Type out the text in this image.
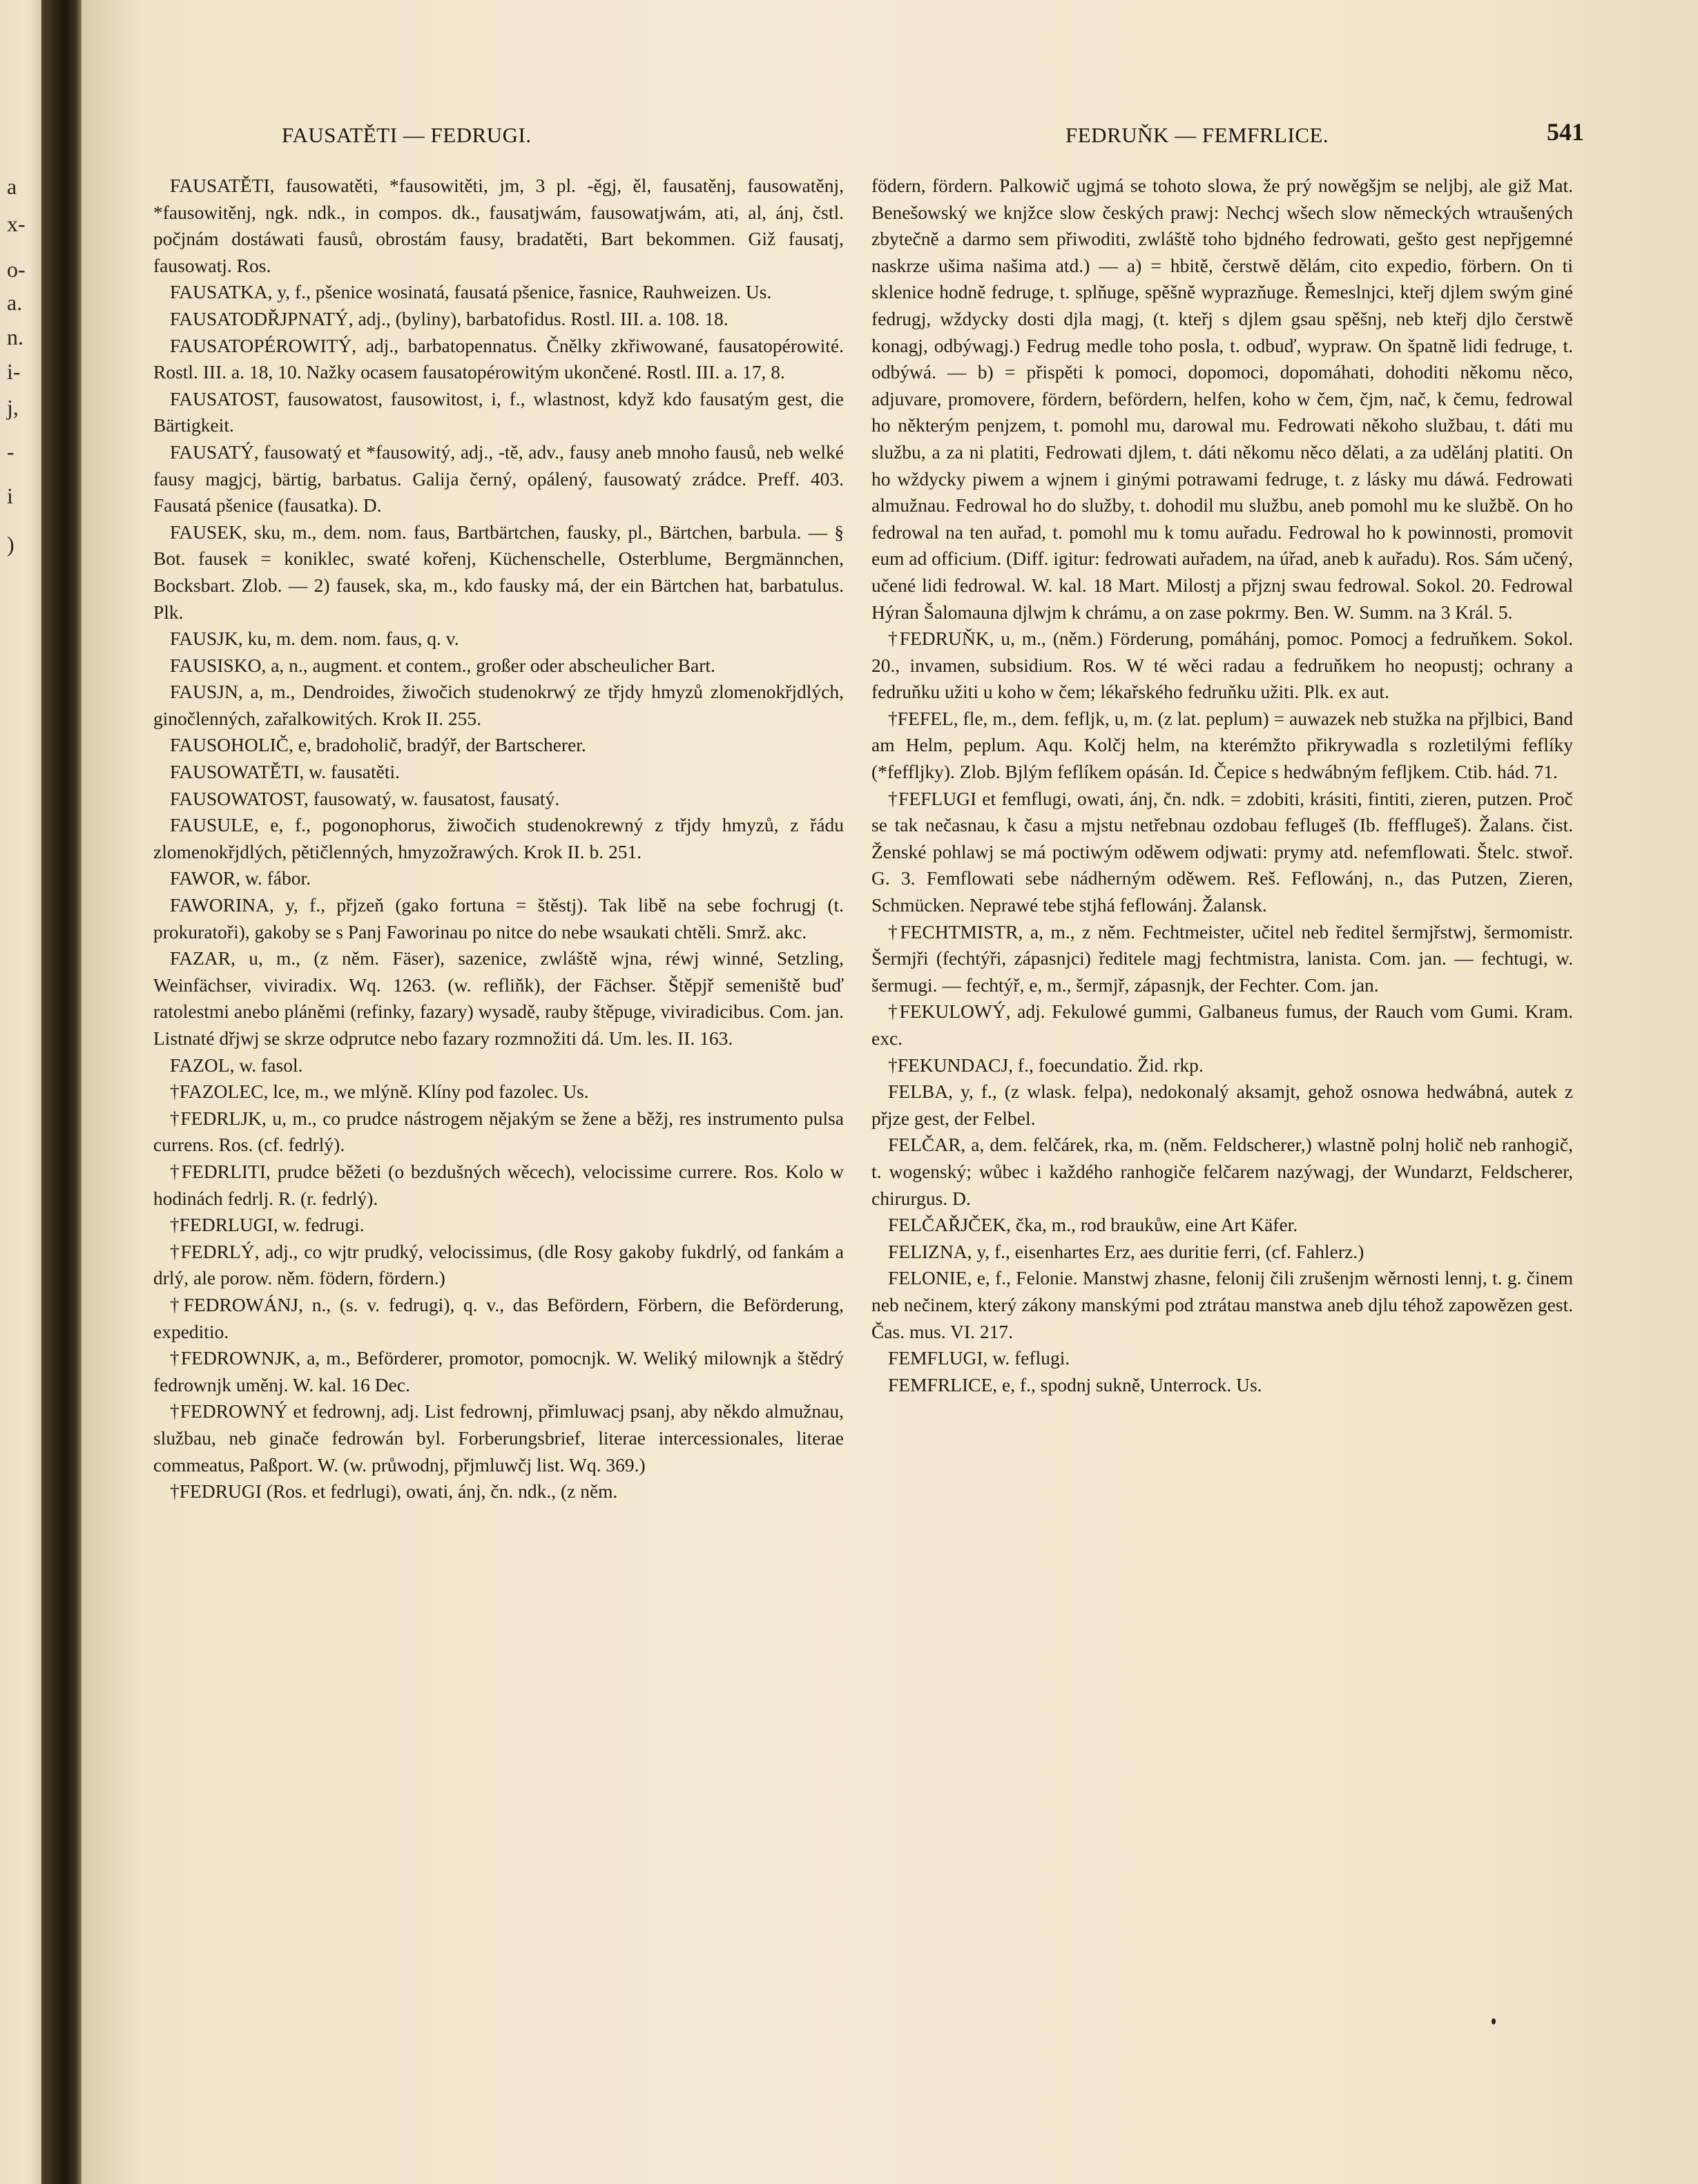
a
x-
o-
a.
n.
i-
j,
-
i
)
FAUSATĚTI — FEDRUGI.	FEDRUŇK — FEMFRLICE.	541

FAUSATĚTI, fausowatěti, *fausowitěti, jm, 3 pl. -ěgj, ěl, fausatěnj, fausowatěnj, *fausowitěnj, ngk. ndk., in compos. dk., fausatjwám, fausowatjwám, ati, al, ánj, čstl. počjnám dostáwati fausů, obrostám fausy, bradatěti, Bart bekommen. Giž fausatj, fausowatj. Ros.

FAUSATKA, y, f., pšenice wosinatá, fausatá pšenice, řasnice, Rauhweizen. Us.

FAUSATODŘJPNATÝ, adj., (byliny), barbatofidus. Rostl. III. a. 108. 18.

FAUSATOPÉROWITÝ, adj., barbatopennatus. Čnělky zkřiwowané, fausatopérowité. Rostl. III. a. 18, 10. Nažky ocasem fausatopérowitým ukončené. Rostl. III. a. 17, 8.

FAUSATOST, fausowatost, fausowitost, i, f., wlastnost, když kdo fausatým gest, die Bärtigkeit.

FAUSATÝ, fausowatý et *fausowitý, adj., -tě, adv., fausy aneb mnoho fausů, neb welké fausy magjcj, bärtig, barbatus. Galija černý, opálený, fausowatý zrádce. Preff. 403. Fausatá pšenice (fausatka). D.

FAUSEK, sku, m., dem. nom. faus, Bartbärtchen, fausky, pl., Bärtchen, barbula. — § Bot. fausek = koniklec, swaté kořenj, Küchenschelle, Osterblume, Bergmännchen, Bocksbart. Zlob. — 2) fausek, ska, m., kdo fausky má, der ein Bärtchen hat, barbatulus. Plk.

FAUSJK, ku, m. dem. nom. faus, q. v.

FAUSISKO, a, n., augment. et contem., großer oder abscheulicher Bart.

FAUSJN, a, m., Dendroides, žiwočich studenokrwý ze třjdy hmyzů zlomenokřjdlých, ginočlenných, zařalkowitých. Krok II. 255.

FAUSOHOLIČ, e, bradoholič, bradýř, der Bartscherer.

FAUSOWATĚTI, w. fausatěti.

FAUSOWATOST, fausowatý, w. fausatost, fausatý.

FAUSULE, e, f., pogonophorus, žiwočich studenokrewný z třjdy hmyzů, z řádu zlomenokřjdlých, pětičlenných, hmyzožrawých. Krok II. b. 251.

FAWOR, w. fábor.

FAWORINA, y, f., přjzeň (gako fortuna = štěstj). Tak libě na sebe fochrugj (t. prokuratoři), gakoby se s Panj Faworinau po nitce do nebe wsaukati chtěli. Smrž. akc.

FAZAR, u, m., (z něm. Fäser), sazenice, zwláště wjna, réwj winné, Setzling, Weinfächser, viviradix. Wq. 1263. (w. refliňk), der Fächser. Štěpjř semeniště buď ratolestmi anebo pláněmi (refinky, fazary) wysadě, rauby štěpuge, viviradicibus. Com. jan. Listnaté dřjwj se skrze odprutce nebo fazary rozmnožiti dá. Um. les. II. 163.

FAZOL, w. fasol.

†FAZOLEC, lce, m., we mlýně. Klíny pod fazolec. Us.

†FEDRLJK, u, m., co prudce nástrogem nějakým se žene a běžj, res instrumento pulsa currens. Ros. (cf. fedrlý).

†FEDRLITI, prudce běžeti (o bezdušných wěcech), velocissime currere. Ros. Kolo w hodinách fedrlj. R. (r. fedrlý).

†FEDRLUGI, w. fedrugi.

†FEDRLÝ, adj., co wjtr prudký, velocissimus, (dle Rosy gakoby fukdrlý, od fankám a drlý, ale porow. něm. födern, fördern.)

†FEDROWÁNJ, n., (s. v. fedrugi), q. v., das Befördern, Förbern, die Beförderung, expeditio.

†FEDROWNJK, a, m., Beförderer, promotor, pomocnjk. W. Weliký milownjk a štědrý fedrownjk uměnj. W. kal. 16 Dec.

†FEDROWNÝ et fedrownj, adj. List fedrownj, přimluwacj psanj, aby někdo almužnau, službau, neb ginače fedrowán byl. Forberungsbrief, literae intercessionales, literae commeatus, Paßport. W. (w. průwodnj, přjmluwčj list. Wq. 369.)

†FEDRUGI (Ros. et fedrlugi), owati, ánj, čn. ndk., (z něm.

födern, fördern. Palkowič ugjmá se tohoto slowa, že prý nowěgšjm se neljbj, ale giž Mat. Benešowský we knjžce slow českých prawj: Nechcj wšech slow německých wtraušených zbytečně a darmo sem přiwoditi, zwláště toho bjdného fedrowati, gešto gest nepřjgemné naskrze ušima našima atd.) — a) = hbitě, čerstwě dělám, cito expedio, förbern. On ti sklenice hodně fedruge, t. splňuge, spěšně wyprazňuge. Řemeslnjci, kteřj djlem swým giné fedrugj, wždycky dosti djla magj, (t. kteřj s djlem gsau spěšnj, neb kteřj djlo čerstwě konagj, odbýwagj.) Fedrug medle toho posla, t. odbuď, wypraw. On špatně lidi fedruge, t. odbýwá. — b) = přispěti k pomoci, dopomoci, dopomáhati, dohoditi někomu něco, adjuvare, promovere, fördern, befördern, helfen, koho w čem, čjm, nač, k čemu, fedrowal ho některým penjzem, t. pomohl mu, darowal mu. Fedrowati někoho službau, t. dáti mu službu, a za ni platiti, Fedrowati djlem, t. dáti někomu něco dělati, a za udělánj platiti. On ho wždycky piwem a wjnem i ginými potrawami fedruge, t. z lásky mu dáwá. Fedrowati almužnau. Fedrowal ho do služby, t. dohodil mu službu, aneb pomohl mu ke službě. On ho fedrowal na ten auřad, t. pomohl mu k tomu auřadu. Fedrowal ho k powinnosti, promovit eum ad officium. (Diff. igitur: fedrowati auřadem, na úřad, aneb k auřadu). Ros. Sám učený, učené lidi fedrowal. W. kal. 18 Mart. Milostj a přjznj swau fedrowal. Sokol. 20. Fedrowal Hýran Šalomauna djlwjm k chrámu, a on zase pokrmy. Ben. W. Summ. na 3 Král. 5.

†FEDRUŇK, u, m., (něm.) Förderung, pomáhánj, pomoc. Pomocj a fedruňkem. Sokol. 20., invamen, subsidium. Ros. W té wěci radau a fedruňkem ho neopustj; ochrany a fedruňku užiti u koho w čem; lékařského fedruňku užiti. Plk. ex aut.

†FEFEL, fle, m., dem. fefljk, u, m. (z lat. peplum) = auwazek neb stužka na přjlbici, Band am Helm, peplum. Aqu. Kolčj helm, na kterémžto přikrywadla s rozletilými feflíky (*feffljky). Zlob. Bjlým feflíkem opásán. Id. Čepice s hedwábným fefljkem. Ctib. hád. 71.

†FEFLUGI et femflugi, owati, ánj, čn. ndk. = zdobiti, krásiti, fintiti, zieren, putzen. Proč se tak nečasnau, k času a mjstu netřebnau ozdobau feflugeš (Ib. ffefflugeš). Žalans. čist. Ženské pohlawj se má poctiwým oděwem odjwati: prymy atd. nefemflowati. Štelc. stwoř. G. 3. Femflowati sebe nádherným oděwem. Reš. Feflowánj, n., das Putzen, Zieren, Schmücken. Neprawé tebe stjhá feflowánj. Žalansk.

†FECHTMISTR, a, m., z něm. Fechtmeister, učitel neb ředitel šermjřstwj, šermomistr. Šermjři (fechtýři, zápasnjci) ředitele magj fechtmistra, lanista. Com. jan. — fechtugi, w. šermugi. — fechtýř, e, m., šermjř, zápasnjk, der Fechter. Com. jan.

†FEKULOWÝ, adj. Fekulowé gummi, Galbaneus fumus, der Rauch vom Gumi. Kram. exc.

†FEKUNDACJ, f., foecundatio. Žid. rkp.

FELBA, y, f., (z wlask. felpa), nedokonalý aksamjt, gehož osnowa hedwábná, autek z přjze gest, der Felbel.

FELČAR, a, dem. felčárek, rka, m. (něm. Feldscherer,) wlastně polnj holič neb ranhogič, t. wogenský; wůbec i každého ranhogiče felčarem nazýwagj, der Wundarzt, Feldscherer, chirurgus. D.

FELČAŘJČEK, čka, m., rod braukůw, eine Art Käfer.

FELIZNA, y, f., eisenhartes Erz, aes duritie ferri, (cf. Fahlerz.)

FELONIE, e, f., Felonie. Manstwj zhasne, felonij čili zrušenjm wěrnosti lennj, t. g. činem neb nečinem, který zákony manskými pod ztrátau manstwa aneb djlu téhož zapowězen gest. Čas. mus. VI. 217.

FEMFLUGI, w. feflugi.

FEMFRLICE, e, f., spodnj sukně, Unterrock. Us.
